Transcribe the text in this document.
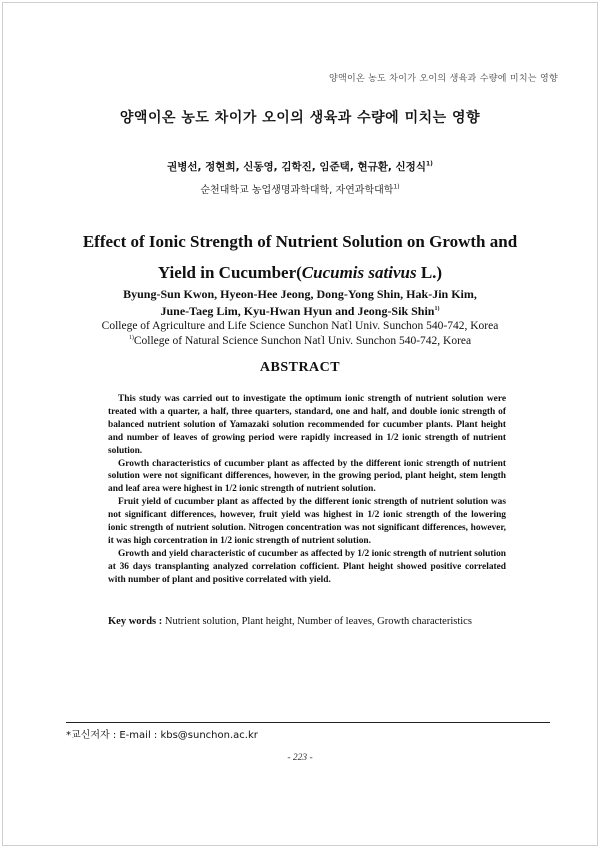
양액이온 농도 차이가 오이의 생육과 수량에 미치는 영향
양액이온 농도 차이가 오이의 생육과 수량에 미치는 영향
권병선, 정현희, 신동영, 김학진, 임준택, 현규환, 신정식$^{1)}$
순천대학교 농업생명과학대학, 자연과학대학$^{1)}$
Effect of Ionic Strength of Nutrient Solution on Growth and
Yield in Cucumber(Cucumis sativus L.)
Byung-Sun Kwon, Hyeon-Hee Jeong, Dong-Yong Shin, Hak-Jin Kim,
June-Taeg Lim, Kyu-Hwan Hyun and Jeong-Sik Shin$^{1)}$
College of Agriculture and Life Science Sunchon Nat'l Univ. Sunchon 540-742, Korea
$^{1)}$College of Natural Science Sunchon Nat'l Univ. Sunchon 540-742, Korea
ABSTRACT

This study was carried out to investigate the optimum ionic strength of nutrient solution were treated with a quarter, a half, three quarters, standard, one and half, and double ionic strength of balanced nutrient solution of Yamazaki solution recommended for cucumber plants. Plant height and number of leaves of growing period were rapidly increased in 1/2 ionic strength of nutrient solution.

Growth characteristics of cucumber plant as affected by the different ionic strength of nutrient solution were not significant differences, however, in the growing period, plant height, stem length and leaf area were highest in 1/2 ionic strength of nutrient solution.

Fruit yield of cucumber plant as affected by the different ionic strength of nutrient solution was not significant differences, however, fruit yield was highest in 1/2 ionic strength of the lowering ionic strength of nutrient solution. Nitrogen concentration was not significant differences, however, it was high corcentration in 1/2 ionic strength of nutrient solution.

Growth and yield characteristic of cucumber as affected by 1/2 ionic strength of nutrient solution at 36 days transplanting analyzed correlation cofficient. Plant height showed positive correlated with number of plant and positive correlated with yield.

Key words : Nutrient solution, Plant height, Number of leaves, Growth characteristics
*교신저자 : E-mail : kbs@sunchon.ac.kr
- 223 -
